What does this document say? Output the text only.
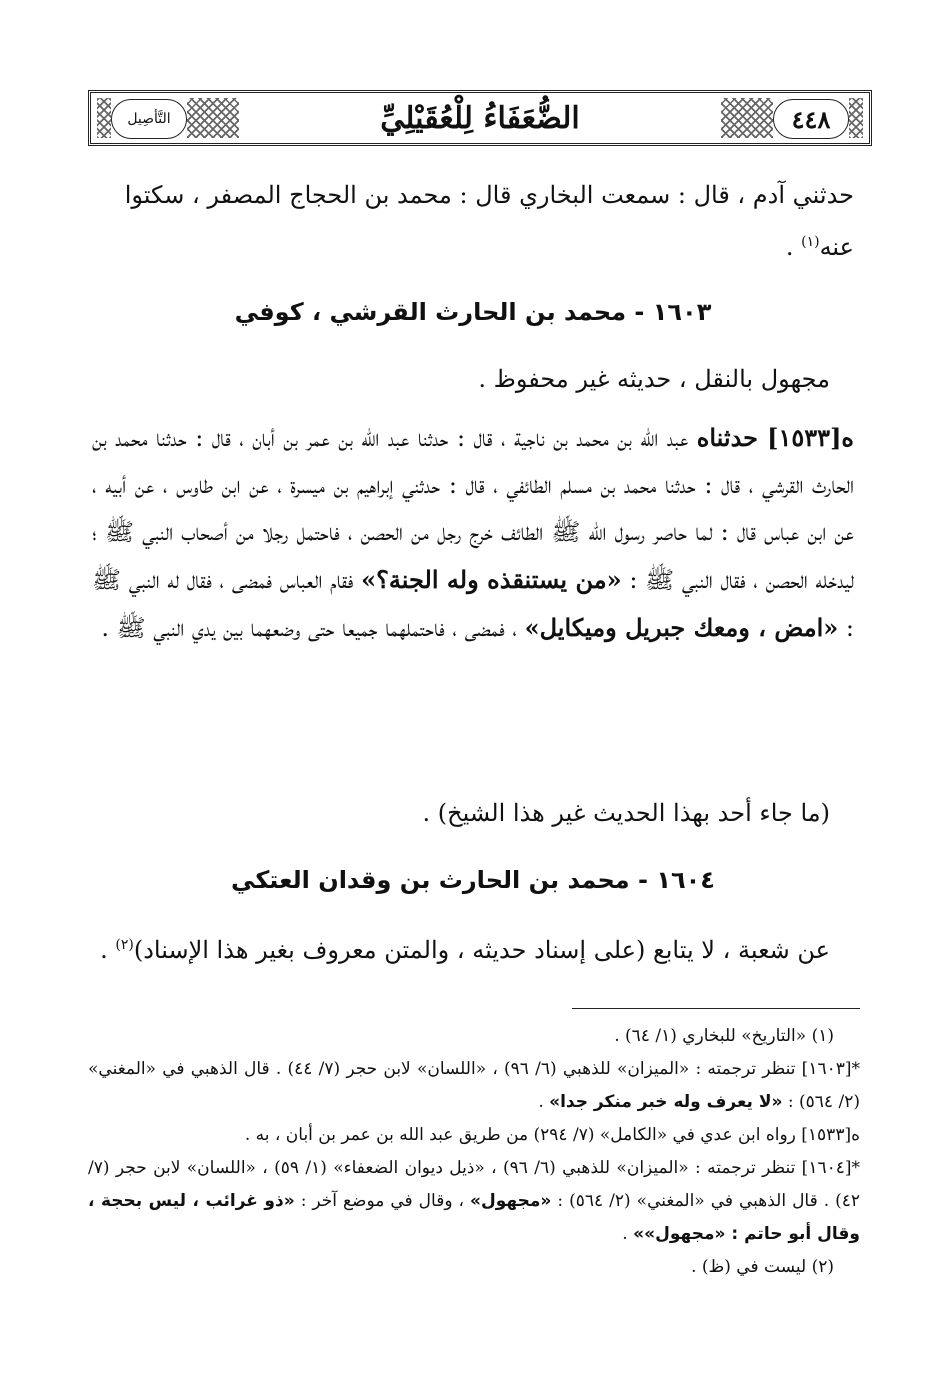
التَّأصِيل	الضُّعَفَاءُ لِلْعُقَيْلِيِّ	٤٤٨
حدثني آدم ، قال : سمعت البخاري قال : محمد بن الحجاج المصفر ، سكتوا
عنه$^{(١)}$ .
١٦٠٣ - محمد بن الحارث القرشي ، كوفي

مجهول بالنقل ، حديثه غير محفوظ .

ه[١٥٣٣] حدثناه عبد الله بن محمد بن ناجية ، قال : حدثنا عبد الله بن عمر بن أبان ، قال : حدثنا محمد بن الحارث القرشي ، قال : حدثنا محمد بن مسلم الطائفي ، قال : حدثني إبراهيم بن ميسرة ، عن ابن طاوس ، عن أبيه ، عن ابن عباس قال : لما حاصر رسول الله ﷺ الطائف خرج رجل من الحصن ، فاحتمل رجلا من أصحاب النبي ﷺ ؛ ليدخله الحصن ، فقال النبي ﷺ : «من يستنقذه وله الجنة؟» فقام العباس فمضى ، فقال له النبي ﷺ : «امض ، ومعك جبريل وميكايل» ، فمضى ، فاحتملهما جميعا حتى وضعهما بين يدي النبي ﷺ .

(ما جاء أحد بهذا الحديث غير هذا الشيخ) .

١٦٠٤ - محمد بن الحارث بن وقدان العتكي

عن شعبة ، لا يتابع (على إسناد حديثه ، والمتن معروف بغير هذا الإسناد)$^{(٢)}$ .

(١) «التاريخ» للبخاري (١/ ٦٤) .
*[١٦٠٣] تنظر ترجمته : «الميزان» للذهبي (٦/ ٩٦) ، «اللسان» لابن حجر (٧/ ٤٤) . قال الذهبي في «المغني» (٢/ ٥٦٤) : «لا يعرف وله خبر منكر جدا» .
ه[١٥٣٣] رواه ابن عدي في «الكامل» (٧/ ٢٩٤) من طريق عبد الله بن عمر بن أبان ، به .
*[١٦٠٤] تنظر ترجمته : «الميزان» للذهبي (٦/ ٩٦) ، «ذيل ديوان الضعفاء» (١/ ٥٩) ، «اللسان» لابن حجر (٧/ ٤٢) . قال الذهبي في «المغني» (٢/ ٥٦٤) : «مجهول» ، وقال في موضع آخر : «ذو غرائب ، ليس بحجة ، وقال أبو حاتم : «مجهول»» .
(٢) ليست في (ظ) .
